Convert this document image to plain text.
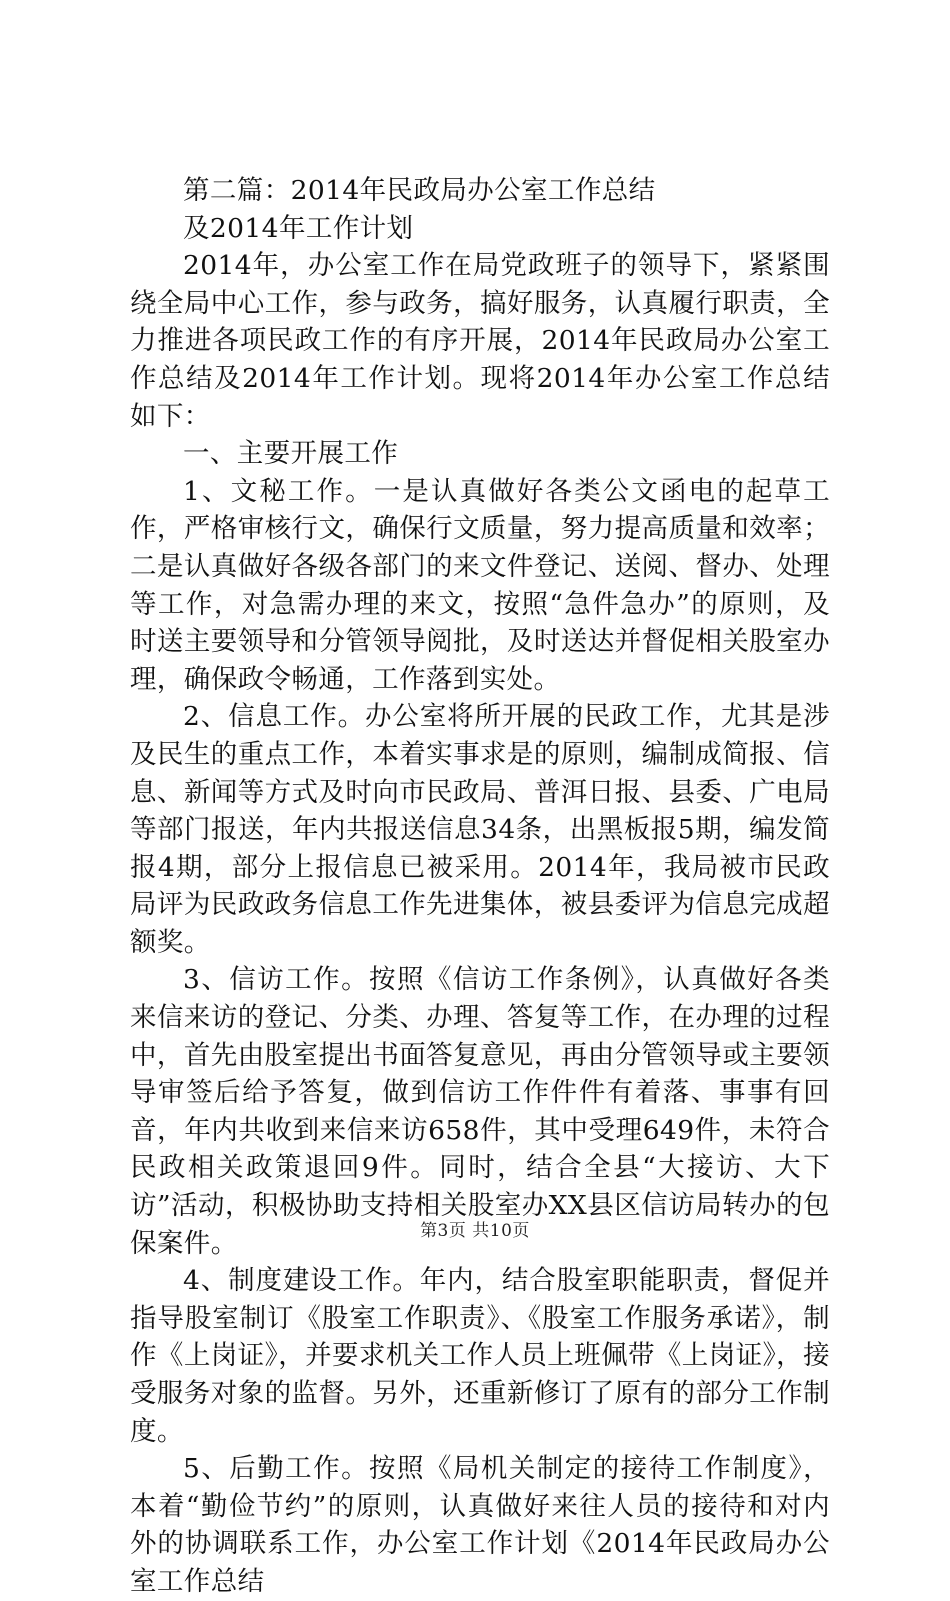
第二篇：2014年民政局办公室工作总结

及2014年工作计划

2014年，办公室工作在局党政班子的领导下，紧紧围绕全局中心工作，参与政务，搞好服务，认真履行职责，全力推进各项民政工作的有序开展，2014年民政局办公室工作总结及2014年工作计划。现将2014年办公室工作总结如下：

一、主要开展工作

1、文秘工作。一是认真做好各类公文函电的起草工作，严格审核行文，确保行文质量，努力提高质量和效率；二是认真做好各级各部门的来文件登记、送阅、督办、处理等工作，对急需办理的来文，按照“急件急办”的原则，及时送主要领导和分管领导阅批，及时送达并督促相关股室办理，确保政令畅通，工作落到实处。

2、信息工作。办公室将所开展的民政工作，尤其是涉及民生的重点工作，本着实事求是的原则，编制成简报、信息、新闻等方式及时向市民政局、普洱日报、县委、广电局等部门报送，年内共报送信息34条，出黑板报5期，编发简报4期，部分上报信息已被采用。2014年，我局被市民政局评为民政政务信息工作先进集体，被县委评为信息完成超额奖。

3、信访工作。按照《信访工作条例》，认真做好各类来信来访的登记、分类、办理、答复等工作，在办理的过程中，首先由股室提出书面答复意见，再由分管领导或主要领导审签后给予答复，做到信访工作件件有着落、事事有回音，年内共收到来信来访658件，其中受理649件，未符合民政相关政策退回9件。同时，结合全县“大接访、大下访”活动，积极协助支持相关股室办XX县区信访局转办的包保案件。

4、制度建设工作。年内，结合股室职能职责，督促并指导股室制订《股室工作职责》、《股室工作服务承诺》，制作《上岗证》，并要求机关工作人员上班佩带《上岗证》，接受服务对象的监督。另外，还重新修订了原有的部分工作制度。

5、后勤工作。按照《局机关制定的接待工作制度》，本着“勤俭节约”的原则，认真做好来往人员的接待和对内外的协调联系工作，办公室工作计划《2014年民政局办公室工作总结

第3页 共10页
